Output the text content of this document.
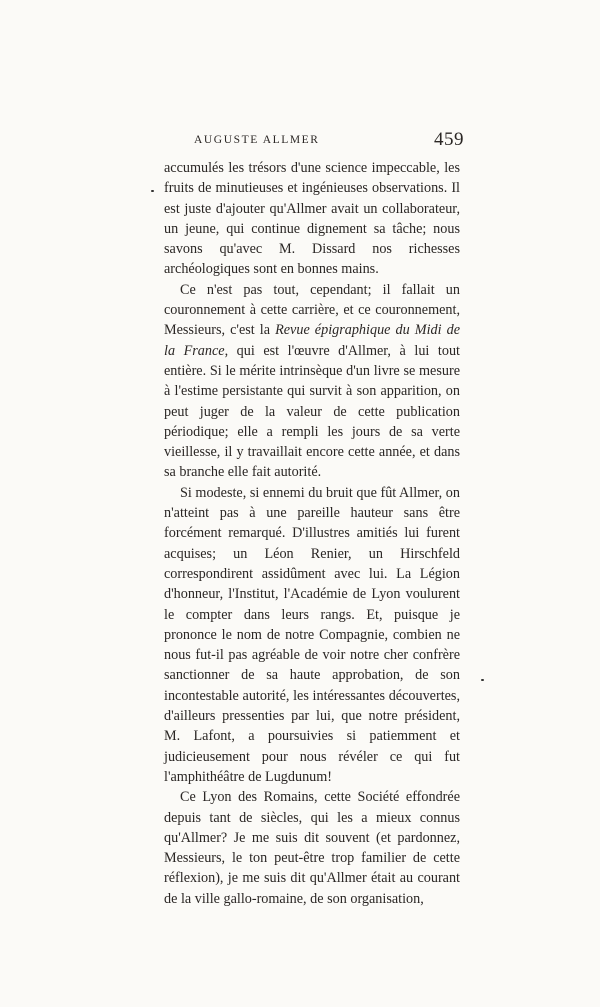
AUGUSTE ALLMER	459

accumulés les trésors d'une science impeccable, les fruits de minutieuses et ingénieuses observations. Il est juste d'ajouter qu'Allmer avait un collaborateur, un jeune, qui continue dignement sa tâche; nous savons qu'avec M. Dissard nos richesses archéologiques sont en bonnes mains.

Ce n'est pas tout, cependant; il fallait un couronnement à cette carrière, et ce couronnement, Messieurs, c'est la Revue épigraphique du Midi de la France, qui est l'œuvre d'Allmer, à lui tout entière. Si le mérite intrinsèque d'un livre se mesure à l'estime persistante qui survit à son apparition, on peut juger de la valeur de cette publication périodique; elle a rempli les jours de sa verte vieillesse, il y travaillait encore cette année, et dans sa branche elle fait autorité.

Si modeste, si ennemi du bruit que fût Allmer, on n'atteint pas à une pareille hauteur sans être forcément remarqué. D'illustres amitiés lui furent acquises; un Léon Renier, un Hirschfeld correspondirent assidûment avec lui. La Légion d'honneur, l'Institut, l'Académie de Lyon voulurent le compter dans leurs rangs. Et, puisque je prononce le nom de notre Compagnie, combien ne nous fut-il pas agréable de voir notre cher confrère sanctionner de sa haute approbation, de son incontestable autorité, les intéressantes découvertes, d'ailleurs pressenties par lui, que notre président, M. Lafont, a poursuivies si patiemment et judicieusement pour nous révéler ce qui fut l'amphithéâtre de Lugdunum!

Ce Lyon des Romains, cette Société effondrée depuis tant de siècles, qui les a mieux connus qu'Allmer? Je me suis dit souvent (et pardonnez, Messieurs, le ton peut-être trop familier de cette réflexion), je me suis dit qu'Allmer était au courant de la ville gallo-romaine, de son organisation,
